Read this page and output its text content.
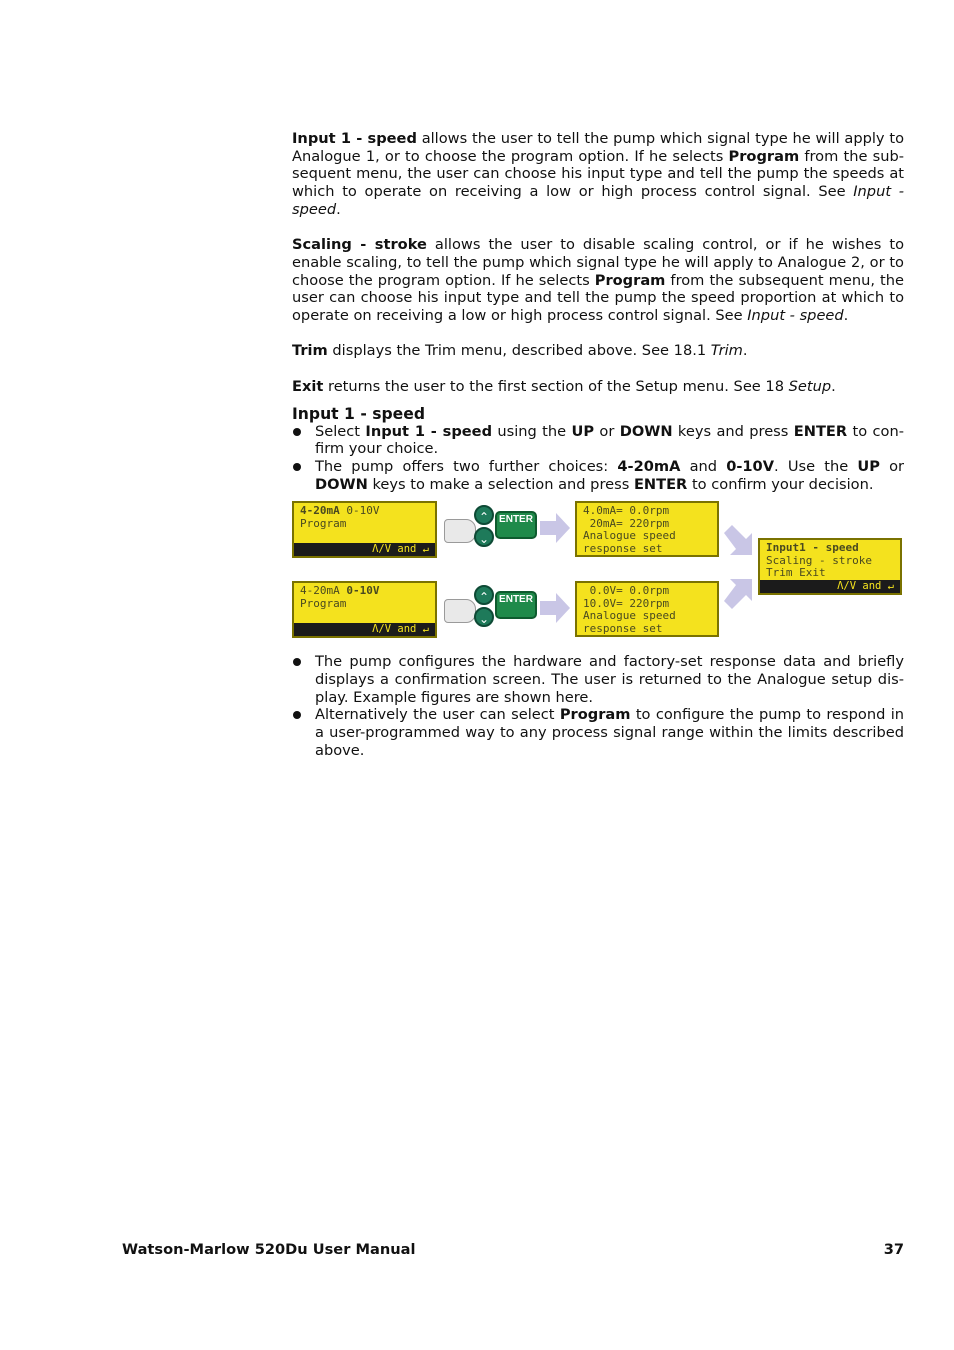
Input 1 - speed allows the user to tell the pump which signal type he will apply to Analogue 1, or to choose the program option. If he selects Program from the sub-sequent menu, the user can choose his input type and tell the pump the speeds at which to operate on receiving a low or high process control signal. See Input - speed.

Scaling - stroke allows the user to disable scaling control, or if he wishes to enable scaling, to tell the pump which signal type he will apply to Analogue 2, or to choose the program option. If he selects Program from the subsequent menu, the user can choose his input type and tell the pump the speed proportion at which to operate on receiving a low or high process control signal. See Input - speed.

Trim displays the Trim menu, described above. See 18.1 Trim.

Exit returns the user to the first section of the Setup menu. See 18 Setup.

Input 1 - speed
Select Input 1 - speed using the UP or DOWN keys and press ENTER to con-firm your choice.
The pump offers two further choices: 4-20mA and 0-10V. Use the UP or DOWN keys to make a selection and press ENTER to confirm your decision.
4-20mA 0-10V
Program
Λ/V and ↵
4-20mA 0-10V
Program
Λ/V and ↵
⌃
⌄
ENTER
⌃
⌄
ENTER
4.0mA= 0.0rpm
20mA= 220rpm
Analogue speed
response set
0.0V= 0.0rpm
10.0V= 220rpm
Analogue speed
response set
Input1 - speed
Scaling - stroke
Trim Exit
Λ/V and ↵
The pump configures the hardware and factory-set response data and briefly displays a confirmation screen. The user is returned to the Analogue setup dis-play. Example figures are shown here.
Alternatively the user can select Program to configure the pump to respond in a user-programmed way to any process signal range within the limits described above.
Watson-Marlow 520Du User Manual	37
